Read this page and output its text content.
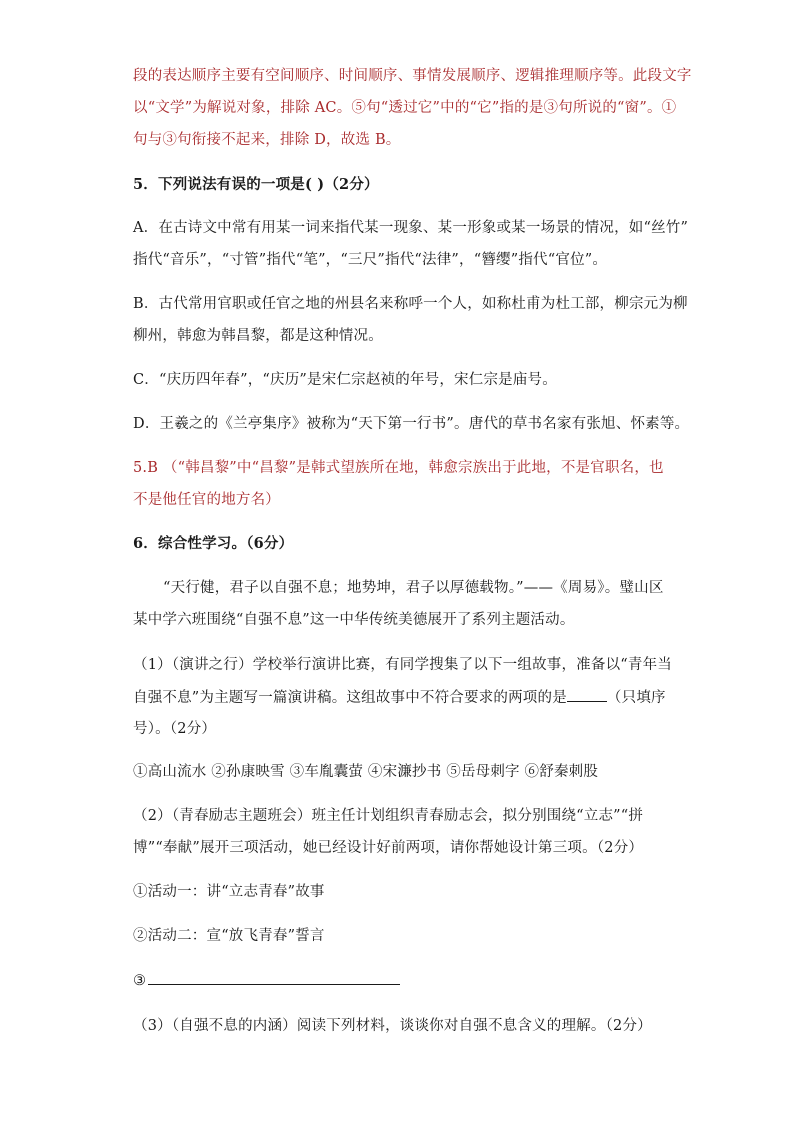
段的表达顺序主要有空间顺序、时间顺序、事情发展顺序、逻辑推理顺序等。此段文字
以“文学”为解说对象，排除 AC。⑤句“透过它”中的“它”指的是③句所说的“窗”。①
句与③句衔接不起来，排除 D，故选 B。
5．下列说法有误的一项是( )（2分）
A．在古诗文中常有用某一词来指代某一现象、某一形象或某一场景的情况，如“丝竹”
指代“音乐”，“寸管”指代“笔”，“三尺”指代“法律”，“簪缨”指代“官位”。
B．古代常用官职或任官之地的州县名来称呼一个人，如称杜甫为杜工部，柳宗元为柳
柳州，韩愈为韩昌黎，都是这种情况。
C．“庆历四年春”，“庆历”是宋仁宗赵祯的年号，宋仁宗是庙号。
D．王羲之的《兰亭集序》被称为“天下第一行书”。唐代的草书名家有张旭、怀素等。
5.B （“韩昌黎”中“昌黎”是韩式望族所在地，韩愈宗族出于此地，不是官职名，也
不是他任官的地方名）
6．综合性学习。（6分）
“天行健，君子以自强不息；地势坤，君子以厚德载物。”——《周易》。璧山区
某中学六班围绕“自强不息”这一中华传统美德展开了系列主题活动。
（1）（演讲之行）学校举行演讲比赛，有同学搜集了以下一组故事，准备以“青年当
自强不息”为主题写一篇演讲稿。这组故事中不符合要求的两项的是	（只填序
号）。（2分）
①高山流水 ②孙康映雪 ③车胤囊萤 ④宋濂抄书 ⑤岳母刺字 ⑥舒秦刺股
（2）（青春励志主题班会）班主任计划组织青春励志会，拟分别围绕“立志”“拼
博”“奉献”展开三项活动，她已经设计好前两项，请你帮她设计第三项。（2分）
①活动一：讲“立志青春”故事
②活动二：宣“放飞青春”誓言
③
（3）（自强不息的内涵）阅读下列材料，谈谈你对自强不息含义的理解。（2分）
